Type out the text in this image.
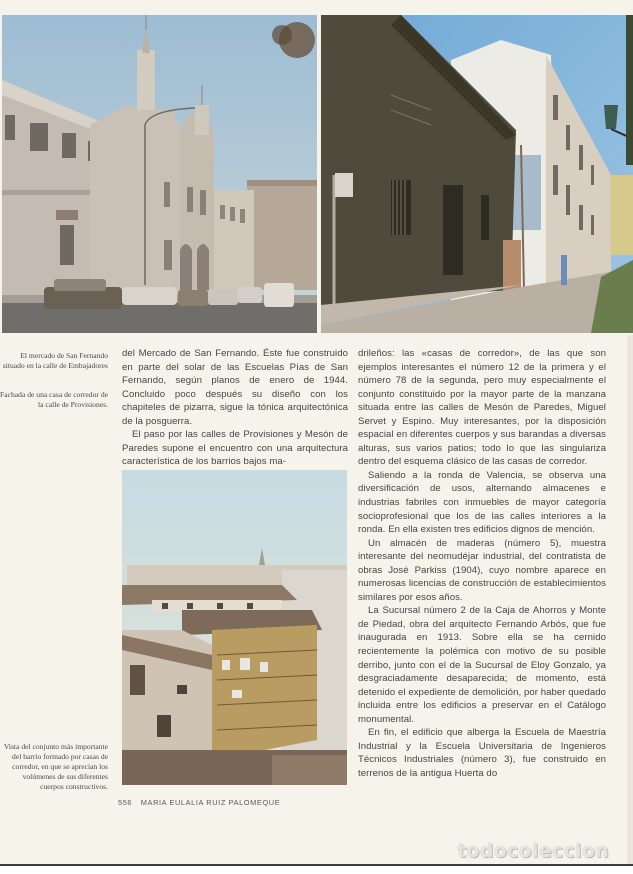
El mercado de San Fernando situado en la calle de Embajadores
Fachada de una casa de corredor de la calle de Provisiones.
Vista del conjunto más importante del barrio formado por casas de corredor, en que se aprecian los volúmenes de sus diferentes cuerpos constructivos.

del Mercado de San Fernando. Éste fue construido en parte del solar de las Escuelas Pías de San Fernando, según planos de enero de 1944. Concluido poco después su diseño con los chapiteles de pizarra, sigue la tónica arquitectónica de la posguerra.

El paso por las calles de Provisiones y Mesón de Paredes supone el encuentro con una arquitectura característica de los barrios bajos ma-

drileños: las «casas de corredor», de las que son ejemplos interesantes el número 12 de la primera y el número 78 de la segunda, pero muy especialmente el conjunto constituido por la mayor parte de la manzana situada entre las calles de Mesón de Paredes, Miguel Servet y Espino. Muy interesantes, por la disposición espacial en diferentes cuerpos y sus barandas a diversas alturas, sus varios patios; todo lo que las singulariza dentro del esquema clásico de las casas de corredor.

Saliendo a la ronda de Valencia, se observa una diversificación de usos, alternando almacenes e industrias fabriles con inmuebles de mayor categoría socioprofesional que los de las calles interiores a la ronda. En ella existen tres edificios dignos de mención.

Un almacén de maderas (número 5), muestra interesante del neomudéjar industrial, del contratista de obras José Parkiss (1904), cuyo nombre aparece en numerosas licencias de construcción de establecimientos similares por esos años.

La Sucursal número 2 de la Caja de Ahorros y Monte de Piedad, obra del arquitecto Fernando Arbós, que fue inaugurada en 1913. Sobre ella se ha cernido recientemente la polémica con motivo de su posible derribo, junto con el de la Sucursal de Eloy Gonzalo, ya desgraciadamente desaparecida; de momento, está detenido el expediente de demolición, por haber quedado incluida entre los edificios a preservar en el Catálogo monumental.

En fin, el edificio que alberga la Escuela de Maestría Industrial y la Escuela Universitaria de Ingenieros Técnicos Industriales (número 3), fue construido en terrenos de la antigua Huerta do

556 MARIA EULALIA RUIZ PALOMEQUE
todocoleccion
